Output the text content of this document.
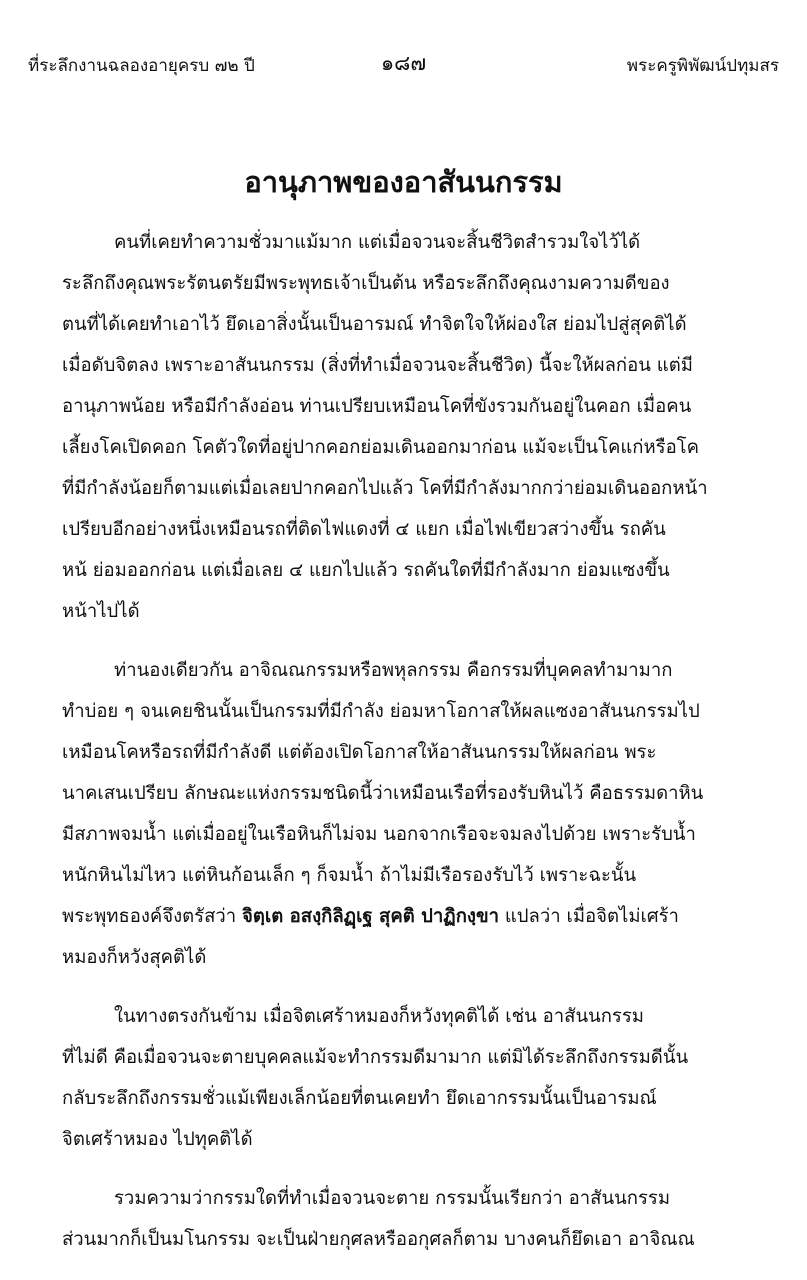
ที่ระลึกงานฉลองอายุครบ ๗๒ ปี	๑๘๗	พระครูพิพัฒน์ปทุมสร
อานุภาพของอาสันนกรรม
คนที่เคยทำความชั่วมาแม้มาก แต่เมื่อจวนจะสิ้นชีวิตสำรวมใจไว้ได้
ระลึกถึงคุณพระรัตนตรัยมีพระพุทธเจ้าเป็นต้น หรือระลึกถึงคุณงามความดีของ
ตนที่ได้เคยทำเอาไว้ ยึดเอาสิ่งนั้นเป็นอารมณ์ ทำจิตใจให้ผ่องใส ย่อมไปสู่สุคติได้
เมื่อดับจิตลง เพราะอาสันนกรรม (สิ่งที่ทำเมื่อจวนจะสิ้นชีวิต) นี้จะให้ผลก่อน แต่มี
อานุภาพน้อย หรือมีกำลังอ่อน ท่านเปรียบเหมือนโคที่ขังรวมกันอยู่ในคอก เมื่อคน
เลี้ยงโคเปิดคอก โคตัวใดที่อยู่ปากคอกย่อมเดินออกมาก่อน แม้จะเป็นโคแก่หรือโค
ที่มีกำลังน้อยก็ตามแต่เมื่อเลยปากคอกไปแล้ว โคที่มีกำลังมากกว่าย่อมเดินออกหน้า
เปรียบอีกอย่างหนึ่งเหมือนรถที่ติดไฟแดงที่ ๔ แยก เมื่อไฟเขียวสว่างขึ้น รถคัน
หน้ ย่อมออกก่อน แต่เมื่อเลย ๔ แยกไปแล้ว รถคันใดที่มีกำลังมาก ย่อมแซงขึ้น
หน้าไปได้
ท่านองเดียวกัน อาจิณณกรรมหรือพหุลกรรม คือกรรมที่บุคคลทำมามาก
ทำบ่อย ๆ จนเคยชินนั้นเป็นกรรมที่มีกำลัง ย่อมหาโอกาสให้ผลแซงอาสันนกรรมไป
เหมือนโคหรือรถที่มีกำลังดี แต่ต้องเปิดโอกาสให้อาสันนกรรมให้ผลก่อน พระ
นาคเสนเปรียบ ลักษณะแห่งกรรมชนิดนี้ว่าเหมือนเรือที่รองรับหินไว้ คือธรรมดาหิน
มีสภาพจมน้ำ แต่เมื่ออยู่ในเรือหินก็ไม่จม นอกจากเรือจะจมลงไปด้วย เพราะรับน้ำ
หนักหินไม่ไหว แต่หินก้อนเล็ก ๆ ก็จมน้ำ ถ้าไม่มีเรือรองรับไว้ เพราะฉะนั้น
พระพุทธองค์จึงตรัสว่า จิตฺเต อสงฺกิลิฏฺเฐ สุคติ ปาฏิกงฺขา แปลว่า เมื่อจิตไม่เศร้า
หมองก็หวังสุคติได้
ในทางตรงกันข้าม เมื่อจิตเศร้าหมองก็หวังทุคติได้ เช่น อาสันนกรรม
ที่ไม่ดี คือเมื่อจวนจะตายบุคคลแม้จะทำกรรมดีมามาก แต่มิได้ระลึกถึงกรรมดีนั้น
กลับระลึกถึงกรรมชั่วแม้เพียงเล็กน้อยที่ตนเคยทำ ยึดเอากรรมนั้นเป็นอารมณ์
จิตเศร้าหมอง ไปทุคติได้
รวมความว่ากรรมใดที่ทำเมื่อจวนจะตาย กรรมนั้นเรียกว่า อาสันนกรรม
ส่วนมากก็เป็นมโนกรรม จะเป็นฝ่ายกุศลหรืออกุศลก็ตาม บางคนก็ยึดเอา อาจิณณ
